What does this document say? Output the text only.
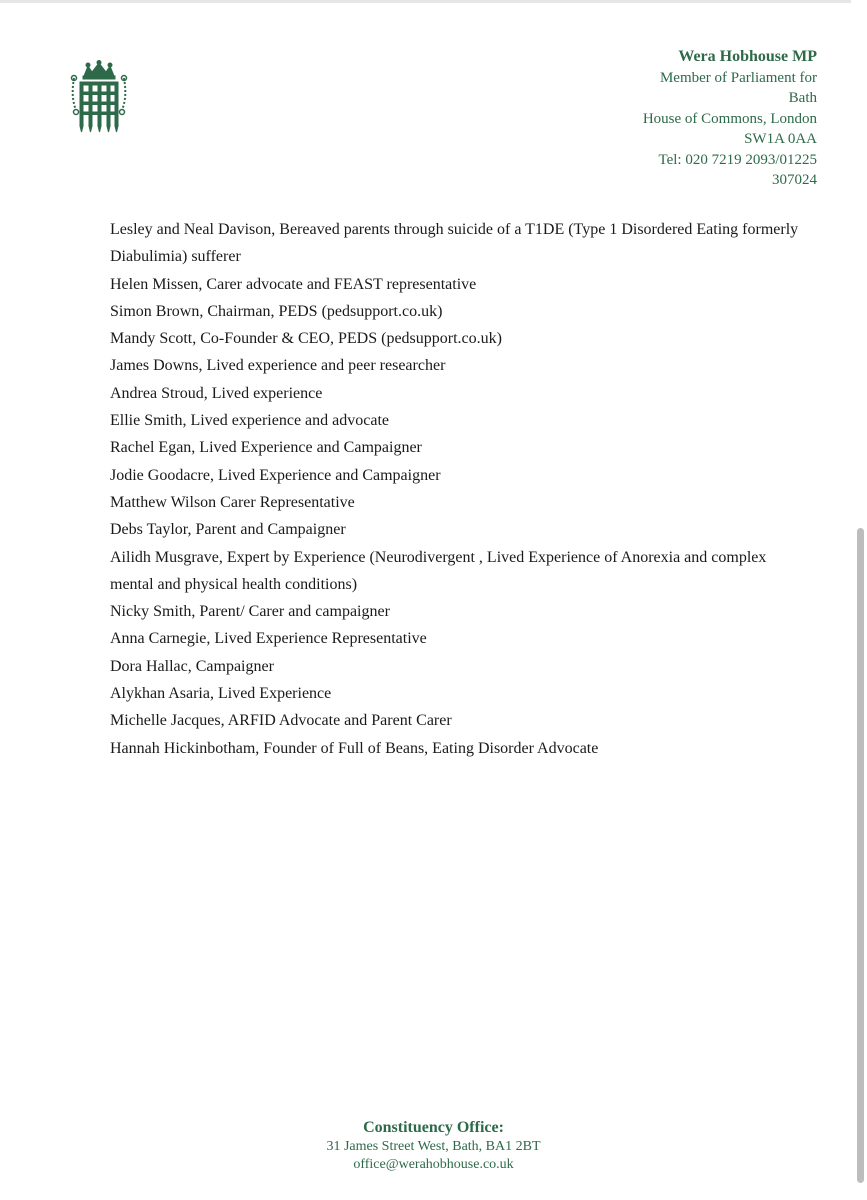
Wera Hobhouse MP
Member of Parliament for
Bath
House of Commons, London
SW1A 0AA
Tel: 020 7219 2093/01225
307024
Lesley and Neal Davison, Bereaved parents through suicide of a T1DE (Type 1 Disordered Eating formerly Diabulimia) sufferer
Helen Missen, Carer advocate and FEAST representative
Simon Brown, Chairman, PEDS (pedsupport.co.uk)
Mandy Scott, Co-Founder & CEO, PEDS (pedsupport.co.uk)
James Downs, Lived experience and peer researcher
Andrea Stroud, Lived experience
Ellie Smith, Lived experience and advocate
Rachel Egan, Lived Experience and Campaigner
Jodie Goodacre, Lived Experience and Campaigner
Matthew Wilson Carer Representative
Debs Taylor, Parent and Campaigner
Ailidh Musgrave, Expert by Experience (Neurodivergent , Lived Experience of Anorexia and complex mental and physical health conditions)
Nicky Smith, Parent/ Carer and campaigner
Anna Carnegie, Lived Experience Representative
Dora Hallac, Campaigner
Alykhan Asaria, Lived Experience
Michelle Jacques, ARFID Advocate and Parent Carer
Hannah Hickinbotham, Founder of Full of Beans, Eating Disorder Advocate
Constituency Office:
31 James Street West, Bath, BA1 2BT
office@werahobhouse.co.uk
